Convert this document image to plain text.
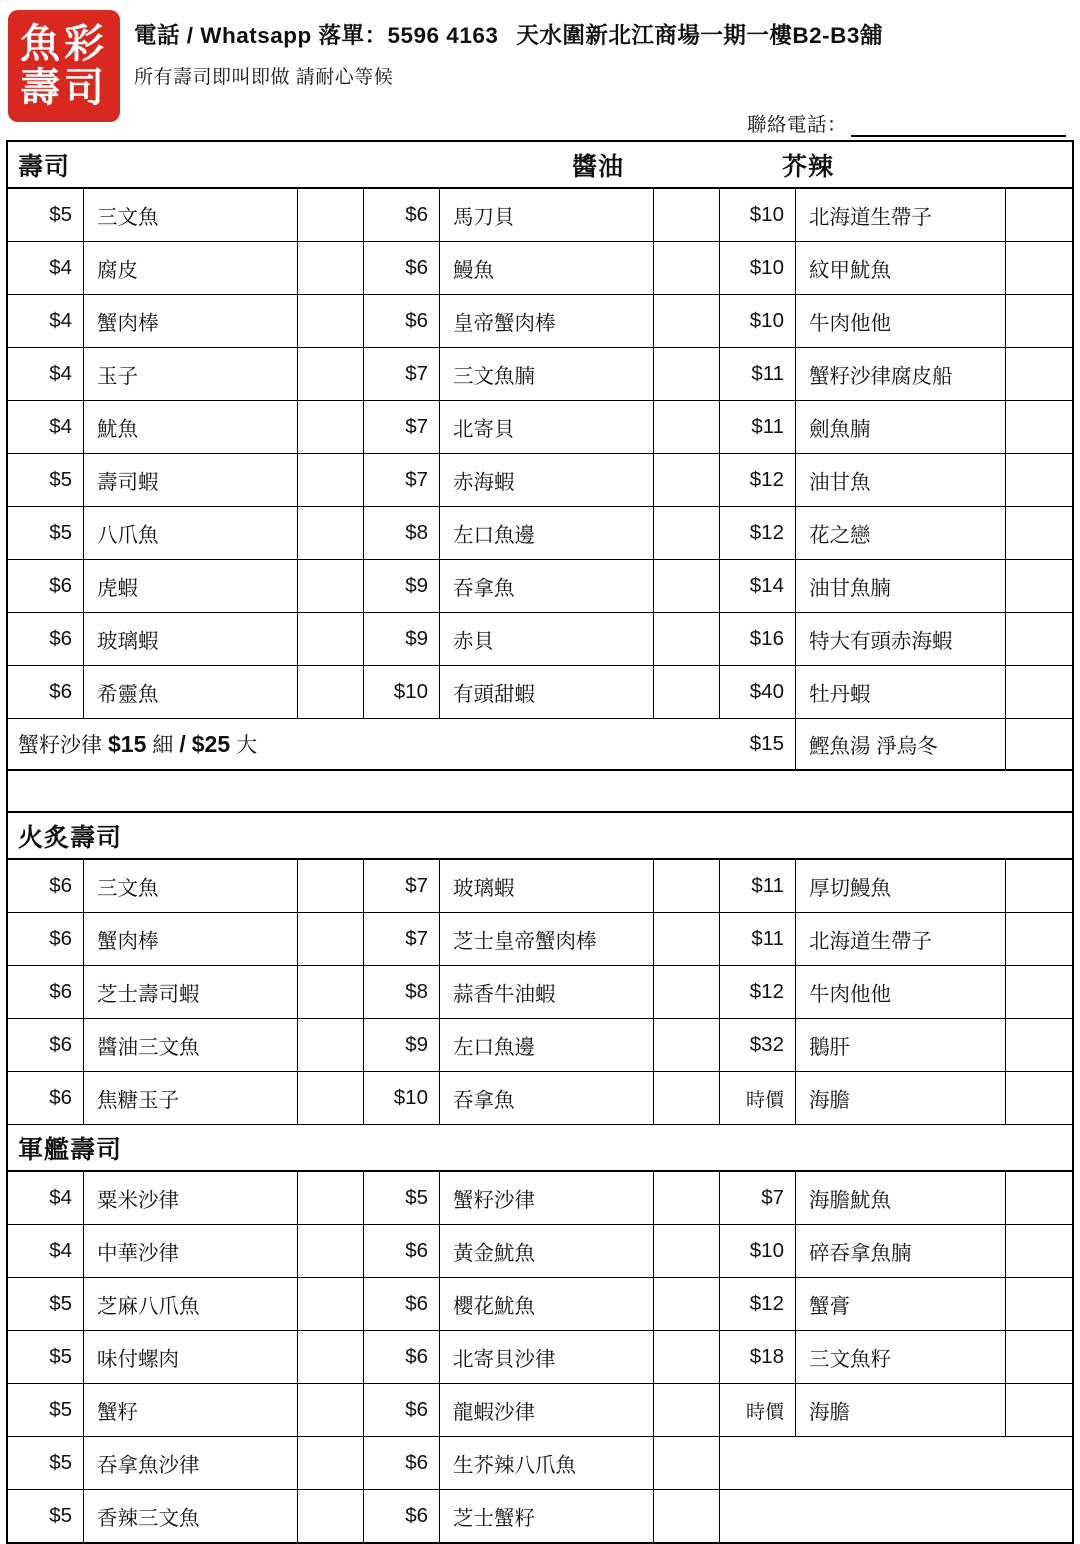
魚彩
壽司
電話 / Whatsapp 落單：5596 4163 天水圍新北江商場一期一樓B2-B3舖
所有壽司即叫即做 請耐心等候
聯絡電話：
壽司	醬油	芥辣
$5	三文魚	$6	馬刀貝	$10	北海道生帶子
$4	腐皮	$6	鰻魚	$10	紋甲魷魚
$4	蟹肉棒	$6	皇帝蟹肉棒	$10	牛肉他他
$4	玉子	$7	三文魚腩	$11	蟹籽沙律腐皮船
$4	魷魚	$7	北寄貝	$11	劍魚腩
$5	壽司蝦	$7	赤海蝦	$12	油甘魚
$5	八爪魚	$8	左口魚邊	$12	花之戀
$6	虎蝦	$9	吞拿魚	$14	油甘魚腩
$6	玻璃蝦	$9	赤貝	$16	特大有頭赤海蝦
$6	希靈魚	$10	有頭甜蝦	$40	牡丹蝦
蟹籽沙律 $15 細 / $25 大	$15	鰹魚湯 淨烏冬
火炙壽司
$6	三文魚	$7	玻璃蝦	$11	厚切鰻魚
$6	蟹肉棒	$7	芝士皇帝蟹肉棒	$11	北海道生帶子
$6	芝士壽司蝦	$8	蒜香牛油蝦	$12	牛肉他他
$6	醬油三文魚	$9	左口魚邊	$32	鵝肝
$6	焦糖玉子	$10	吞拿魚	時價	海膽
軍艦壽司
$4	粟米沙律	$5	蟹籽沙律	$7	海膽魷魚
$4	中華沙律	$6	黃金魷魚	$10	碎吞拿魚腩
$5	芝麻八爪魚	$6	櫻花魷魚	$12	蟹膏
$5	味付螺肉	$6	北寄貝沙律	$18	三文魚籽
$5	蟹籽	$6	龍蝦沙律	時價	海膽
$5	吞拿魚沙律	$6	生芥辣八爪魚
$5	香辣三文魚	$6	芝士蟹籽
